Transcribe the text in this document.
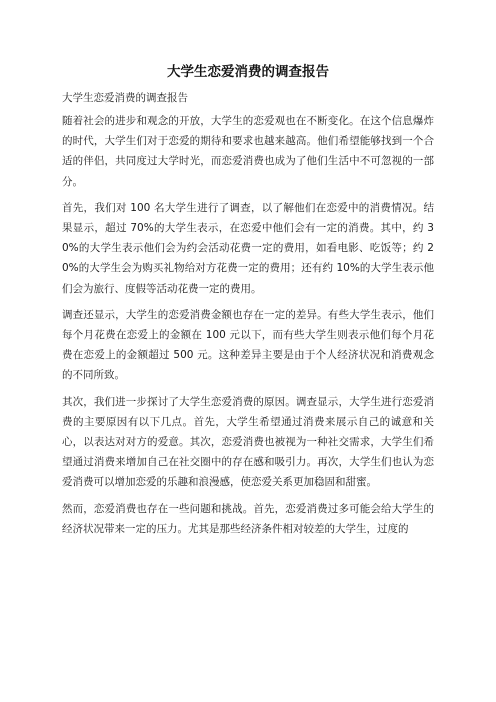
大学生恋爱消费的调查报告

大学生恋爱消费的调查报告

随着社会的进步和观念的开放，大学生的恋爱观也在不断变化。在这个信息爆炸的时代，大学生们对于恋爱的期待和要求也越来越高。他们希望能够找到一个合适的伴侣，共同度过大学时光，而恋爱消费也成为了他们生活中不可忽视的一部分。

首先，我们对 100 名大学生进行了调查，以了解他们在恋爱中的消费情况。结果显示，超过 70%的大学生表示，在恋爱中他们会有一定的消费。其中，约 30%的大学生表示他们会为约会活动花费一定的费用，如看电影、吃饭等；约 20%的大学生会为购买礼物给对方花费一定的费用；还有约 10%的大学生表示他们会为旅行、度假等活动花费一定的费用。

调查还显示，大学生的恋爱消费金额也存在一定的差异。有些大学生表示，他们每个月花费在恋爱上的金额在 100 元以下，而有些大学生则表示他们每个月花费在恋爱上的金额超过 500 元。这种差异主要是由于个人经济状况和消费观念的不同所致。

其次，我们进一步探讨了大学生恋爱消费的原因。调查显示，大学生进行恋爱消费的主要原因有以下几点。首先，大学生希望通过消费来展示自己的诚意和关心，以表达对对方的爱意。其次，恋爱消费也被视为一种社交需求，大学生们希望通过消费来增加自己在社交圈中的存在感和吸引力。再次，大学生们也认为恋爱消费可以增加恋爱的乐趣和浪漫感，使恋爱关系更加稳固和甜蜜。

然而，恋爱消费也存在一些问题和挑战。首先，恋爱消费过多可能会给大学生的经济状况带来一定的压力。尤其是那些经济条件相对较差的大学生，过度的
